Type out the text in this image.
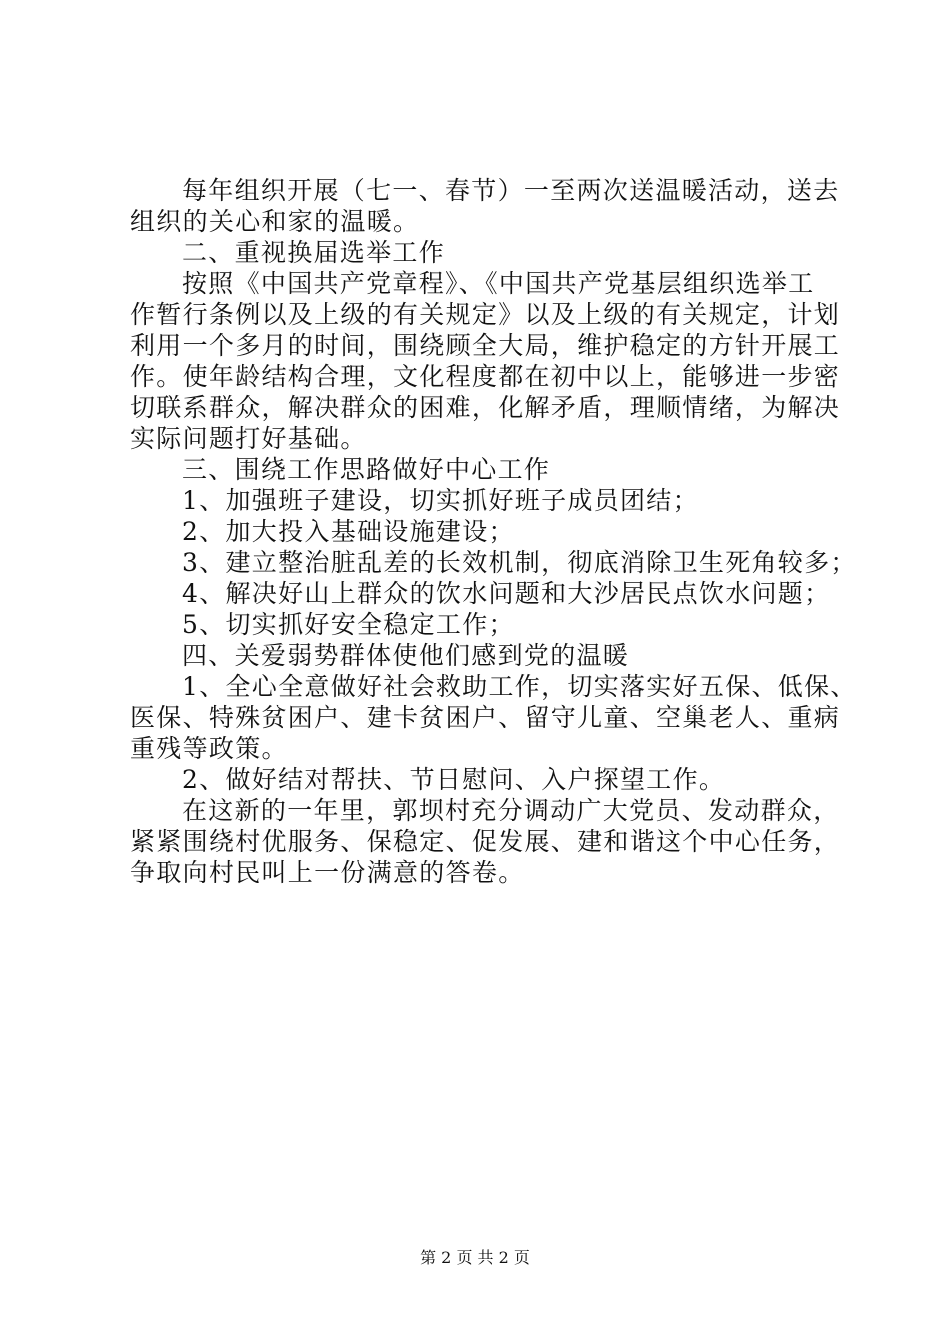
每年组织开展（七一、春节）一至两次送温暖活动，送去
组织的关心和家的温暖。
二、重视换届选举工作
按照《中国共产党章程》、《中国共产党基层组织选举工
作暂行条例以及上级的有关规定》以及上级的有关规定，计划
利用一个多月的时间，围绕顾全大局，维护稳定的方针开展工
作。使年龄结构合理，文化程度都在初中以上，能够进一步密
切联系群众，解决群众的困难，化解矛盾，理顺情绪，为解决
实际问题打好基础。
三、围绕工作思路做好中心工作
1、加强班子建设，切实抓好班子成员团结；
2、加大投入基础设施建设；
3、建立整治脏乱差的长效机制，彻底消除卫生死角较多；
4、解决好山上群众的饮水问题和大沙居民点饮水问题；
5、切实抓好安全稳定工作；
四、关爱弱势群体使他们感到党的温暖
1、全心全意做好社会救助工作，切实落实好五保、低保、
医保、特殊贫困户、建卡贫困户、留守儿童、空巢老人、重病
重残等政策。
2、做好结对帮扶、节日慰问、入户探望工作。
在这新的一年里，郭坝村充分调动广大党员、发动群众，
紧紧围绕村优服务、保稳定、促发展、建和谐这个中心任务，
争取向村民叫上一份满意的答卷。
第 2 页 共 2 页
